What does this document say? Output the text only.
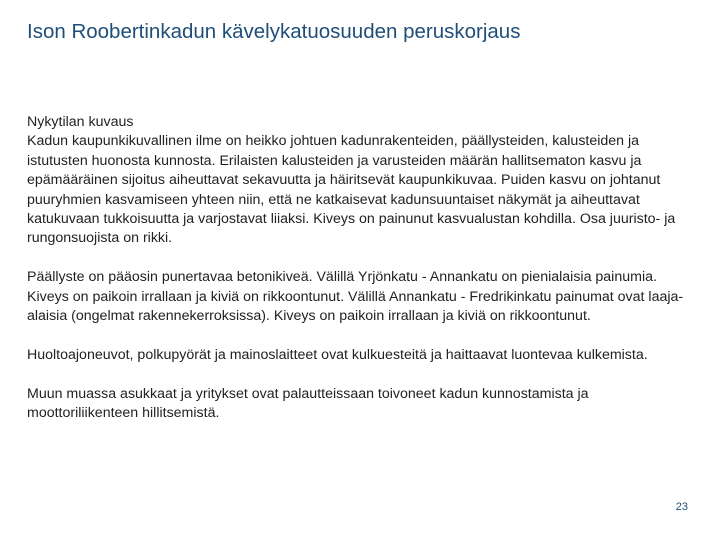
Ison Roobertinkadun kävelykatuosuuden peruskorjaus
Nykytilan kuvaus

Kadun kaupunkikuvallinen ilme on heikko johtuen kadunrakenteiden, päällysteiden, kalusteiden ja istutusten huonosta kunnosta. Erilaisten kalusteiden ja varusteiden määrän hallitsematon kasvu ja epämääräinen sijoitus aiheuttavat sekavuutta ja häiritsevät kaupunkikuvaa. Puiden kasvu on johtanut puuryhmien kasvamiseen yhteen niin, että ne katkaisevat kadunsuuntaiset näkymät ja aiheuttavat katukuvaan tukkoisuutta ja varjostavat liiaksi. Kiveys on painunut kasvualustan kohdilla. Osa juuristo- ja rungonsuojista on rikki.

Päällyste on pääosin punertavaa betonikiveä. Välillä Yrjönkatu - Annankatu on pienialaisia painumia. Kiveys on paikoin irrallaan ja kiviä on rikkoontunut. Välillä Annankatu - Fredrikinkatu painumat ovat laaja-alaisia (ongelmat rakennekerroksissa). Kiveys on paikoin irrallaan ja kiviä on rikkoontunut.

Huoltoajoneuvot, polkupyörät ja mainoslaitteet ovat kulkuesteitä ja haittaavat luontevaa kulkemista.

Muun muassa asukkaat ja yritykset ovat palautteissaan toivoneet kadun kunnostamista ja moottoriliikenteen hillitsemistä.

23
